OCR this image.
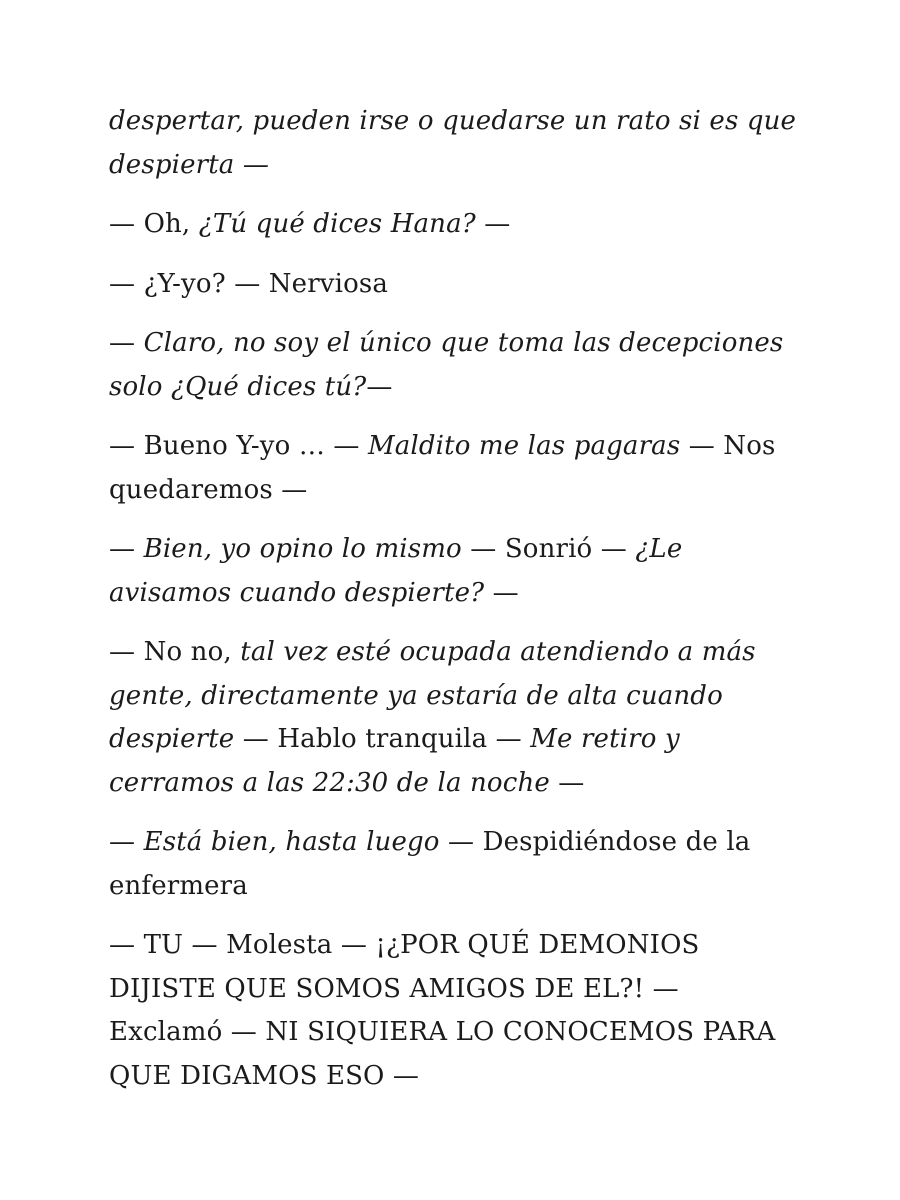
despertar, pueden irse o quedarse un rato si es que despierta —

— Oh, ¿Tú qué dices Hana? —

— ¿Y-yo? — Nerviosa

— Claro, no soy el único que toma las decepciones solo ¿Qué dices tú?—

— Bueno Y-yo … — Maldito me las pagaras — Nos quedaremos —

— Bien, yo opino lo mismo — Sonrió — ¿Le avisamos cuando despierte? —

— No no, tal vez esté ocupada atendiendo a más gente, directamente ya estaría de alta cuando despierte — Hablo tranquila — Me retiro y cerramos a las 22:30 de la noche —

— Está bien, hasta luego — Despidiéndose de la enfermera

— TU — Molesta — ¡¿POR QUÉ DEMONIOS DIJISTE QUE SOMOS AMIGOS DE EL?! — Exclamó — NI SIQUIERA LO CONOCEMOS PARA QUE DIGAMOS ESO —
